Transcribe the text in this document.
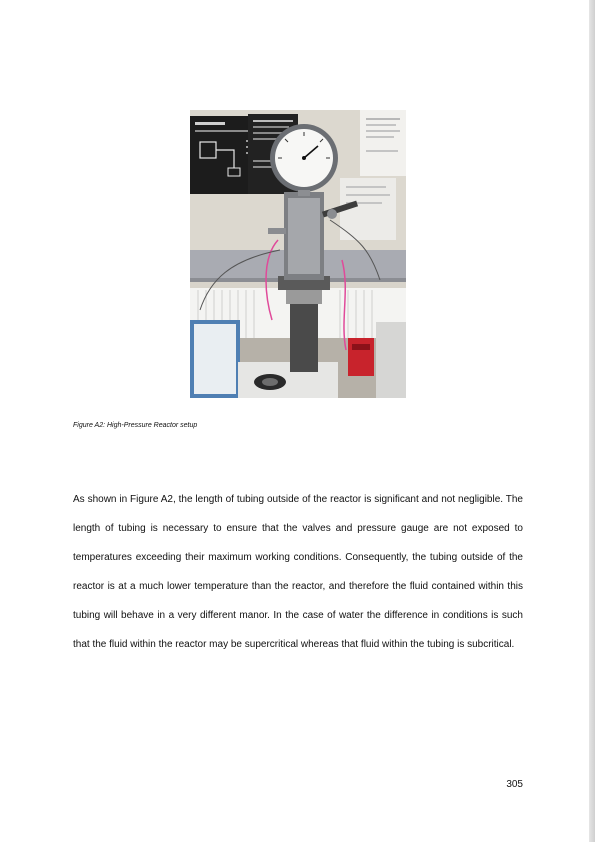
Figure A2: High-Pressure Reactor setup
As shown in Figure A2, the length of tubing outside of the reactor is significant and not negligible. The length of tubing is necessary to ensure that the valves and pressure gauge are not exposed to temperatures exceeding their maximum working conditions. Consequently, the tubing outside of the reactor is at a much lower temperature than the reactor, and therefore the fluid contained within this tubing will behave in a very different manor. In the case of water the difference in conditions is such that the fluid within the reactor may be supercritical whereas that fluid within the tubing is subcritical.
305
